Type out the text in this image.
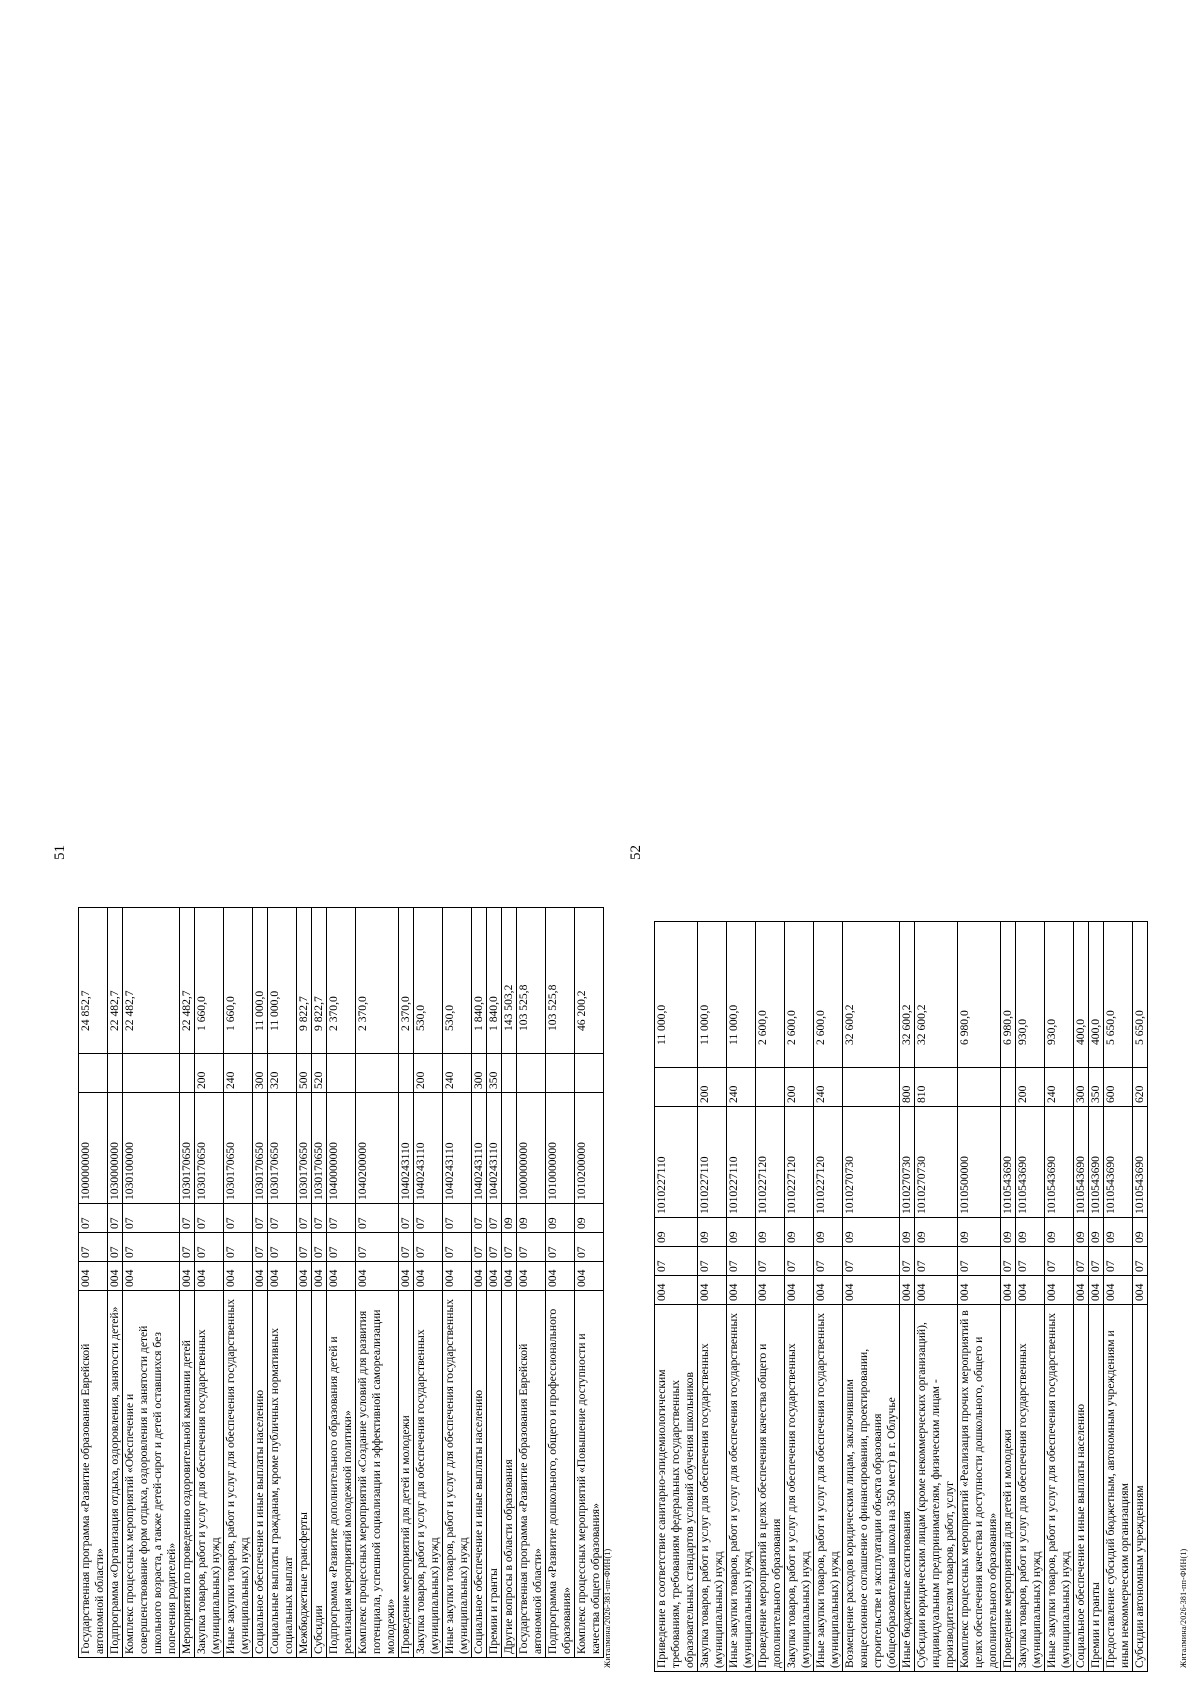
51
Государственная программа «Развитие образования Еврейской автономной области»	004	07	07	1000000000		24 852,7
Подпрограмма «Организация отдыха, оздоровления, занятости детей»	004	07	07	1030000000		22 482,7
Комплекс процессных мероприятий «Обеспечение и совершенствование форм отдыха, оздоровления и занятости детей школьного возраста, а также детей-сирот и детей оставшихся без попечения родителей»	004	07	07	1030100000		22 482,7
Мероприятия по проведению оздоровительной кампании детей	004	07	07	1030170650		22 482,7
Закупка товаров, работ и услуг для обеспечения государственных (муниципальных) нужд	004	07	07	1030170650	200	1 660,0
Иные закупки товаров, работ и услуг для обеспечения государственных (муниципальных) нужд	004	07	07	1030170650	240	1 660,0
Социальное обеспечение и иные выплаты населению	004	07	07	1030170650	300	11 000,0
Социальные выплаты гражданам, кроме публичных нормативных социальных выплат	004	07	07	1030170650	320	11 000,0
Межбюджетные трансферты	004	07	07	1030170650	500	9 822,7
Субсидии	004	07	07	1030170650	520	9 822,7
Подпрограмма «Развитие дополнительного образования детей и реализация мероприятий молодежной политики»	004	07	07	1040000000		2 370,0
Комплекс процессных мероприятий «Создание условий для развития потенциала, успешной социализации и эффективной самореализации молодежи»	004	07	07	1040200000		2 370,0
Проведение мероприятий для детей и молодежи	004	07	07	1040243110		2 370,0
Закупка товаров, работ и услуг для обеспечения государственных (муниципальных) нужд	004	07	07	1040243110	200	530,0
Иные закупки товаров, работ и услуг для обеспечения государственных (муниципальных) нужд	004	07	07	1040243110	240	530,0
Социальное обеспечение и иные выплаты населению	004	07	07	1040243110	300	1 840,0
Премии и гранты	004	07	07	1040243110	350	1 840,0
Другие вопросы в области образования	004	07	09			143 503,2
Государственная программа «Развитие образования Еврейской автономной области»	004	07	09	1000000000		103 525,8
Подпрограмма «Развитие дошкольного, общего и профессионального образования»	004	07	09	1010000000		103 525,8
Комплекс процессных мероприятий «Повышение доступности и качества общего образования»	004	07	09	1010200000		46 200,2
Житалмина/2026-381-пп-ФИН(1)
52
Приведение в соответствие санитарно-эпидемиологическим требованиям, требованиям федеральных государственных образовательных стандартов условий обучения школьников	004	07	09	1010227110		11 000,0
Закупка товаров, работ и услуг для обеспечения государственных (муниципальных) нужд	004	07	09	1010227110	200	11 000,0
Иные закупки товаров, работ и услуг для обеспечения государственных (муниципальных) нужд	004	07	09	1010227110	240	11 000,0
Проведение мероприятий в целях обеспечения качества общего и дополнительного образования	004	07	09	1010227120		2 600,0
Закупка товаров, работ и услуг для обеспечения государственных (муниципальных) нужд	004	07	09	1010227120	200	2 600,0
Иные закупки товаров, работ и услуг для обеспечения государственных (муниципальных) нужд	004	07	09	1010227120	240	2 600,0
Возмещение расходов юридическим лицам, заключившим концессионное соглашение о финансировании, проектировании, строительстве и эксплуатации объекта образования (общеобразовательная школа на 350 мест) в г. Облучье	004	07	09	1010270730		32 600,2
Иные бюджетные ассигнования	004	07	09	1010270730	800	32 600,2
Субсидии юридическим лицам (кроме некоммерческих организаций), индивидуальным предпринимателям, физическим лицам - производителям товаров, работ, услуг	004	07	09	1010270730	810	32 600,2
Комплекс процессных мероприятий «Реализация прочих мероприятий в целях обеспечения качества и доступности дошкольного, общего и дополнительного образования»	004	07	09	1010500000		6 980,0
Проведение мероприятий для детей и молодежи	004	07	09	1010543690		6 980,0
Закупка товаров, работ и услуг для обеспечения государственных (муниципальных) нужд	004	07	09	1010543690	200	930,0
Иные закупки товаров, работ и услуг для обеспечения государственных (муниципальных) нужд	004	07	09	1010543690	240	930,0
Социальное обеспечение и иные выплаты населению	004	07	09	1010543690	300	400,0
Премии и гранты	004	07	09	1010543690	350	400,0
Предоставление субсидий бюджетным, автономным учреждениям и иным некоммерческим организациям	004	07	09	1010543690	600	5 650,0
Субсидии автономным учреждениям	004	07	09	1010543690	620	5 650,0
Житалмина/2026-381-пп-ФИН(1)
